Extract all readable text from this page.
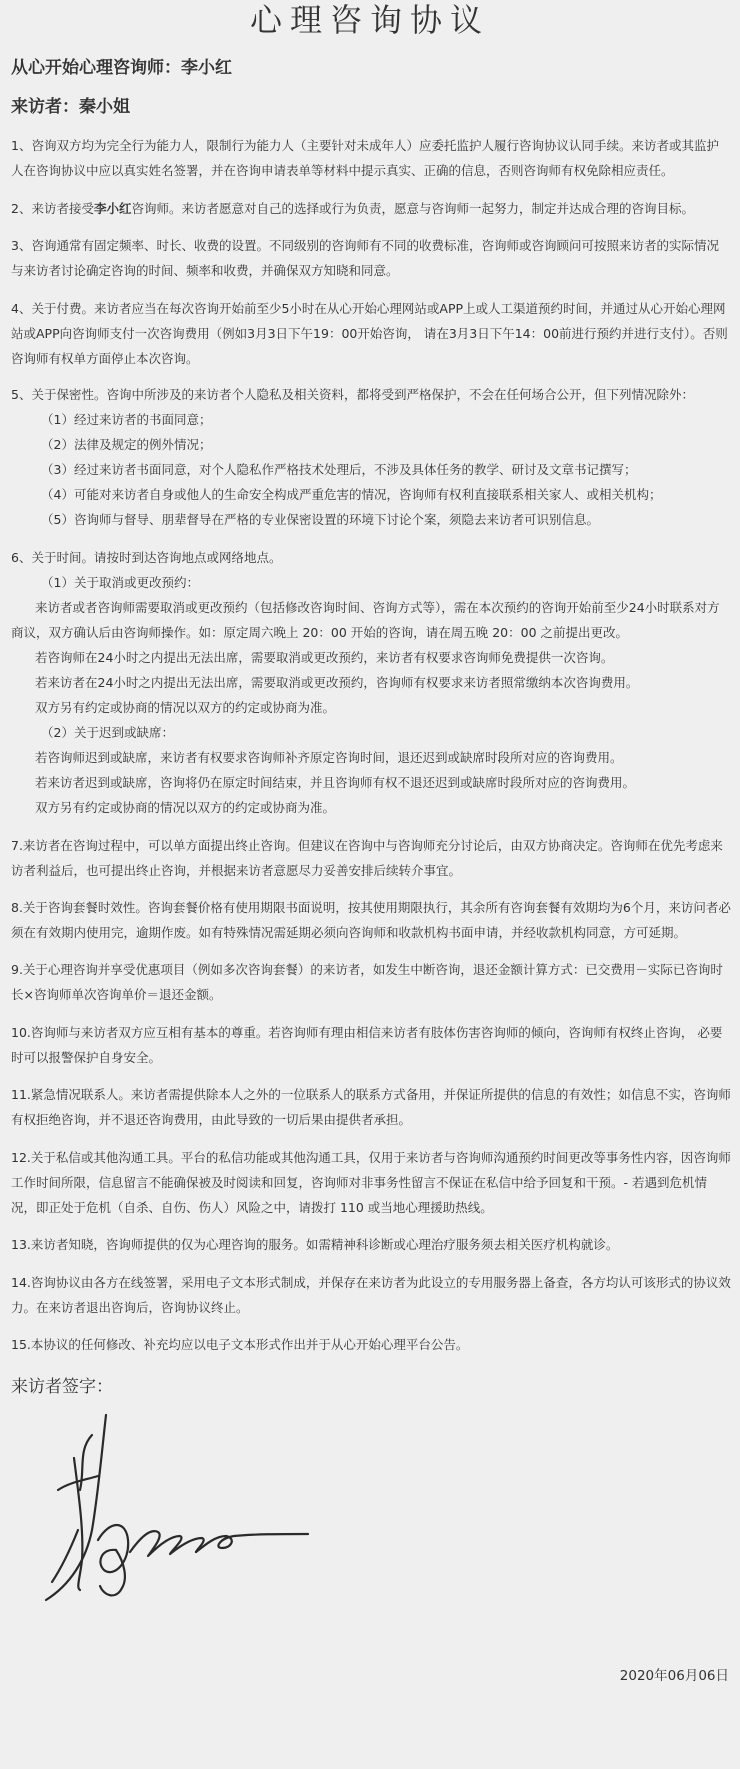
心理咨询协议
从心开始心理咨询师：李小红
来访者：秦小姐
1、咨询双方均为完全行为能力人，限制行为能力人（主要针对未成年人）应委托监护人履行咨询协议认同手续。来访者或其监护人在咨询协议中应以真实姓名签署，并在咨询申请表单等材料中提示真实、正确的信息，否则咨询师有权免除相应责任。
2、来访者接受李小红咨询师。来访者愿意对自己的选择或行为负责，愿意与咨询师一起努力，制定并达成合理的咨询目标。
3、咨询通常有固定频率、时长、收费的设置。不同级别的咨询师有不同的收费标准，咨询师或咨询顾问可按照来访者的实际情况与来访者讨论确定咨询的时间、频率和收费，并确保双方知晓和同意。
4、关于付费。来访者应当在每次咨询开始前至少5小时在从心开始心理网站或APP上或人工渠道预约时间，并通过从心开始心理网站或APP向咨询师支付一次咨询费用（例如3月3日下午19：00开始咨询， 请在3月3日下午14：00前进行预约并进行支付）。否则咨询师有权单方面停止本次咨询。
5、关于保密性。咨询中所涉及的来访者个人隐私及相关资料，都将受到严格保护，不会在任何场合公开，但下列情况除外：
（1）经过来访者的书面同意；
（2）法律及规定的例外情况；
（3）经过来访者书面同意，对个人隐私作严格技术处理后，不涉及具体任务的教学、研讨及文章书记撰写；
（4）可能对来访者自身或他人的生命安全构成严重危害的情况，咨询师有权利直接联系相关家人、或相关机构；
（5）咨询师与督导、朋辈督导在严格的专业保密设置的环境下讨论个案，须隐去来访者可识别信息。
6、关于时间。请按时到达咨询地点或网络地点。
（1）关于取消或更改预约：
来访者或者咨询师需要取消或更改预约（包括修改咨询时间、咨询方式等），需在本次预约的咨询开始前至少24小时联系对方商议，双方确认后由咨询师操作。如：原定周六晚上 20：00 开始的咨询，请在周五晚 20：00 之前提出更改。
若咨询师在24小时之内提出无法出席，需要取消或更改预约，来访者有权要求咨询师免费提供一次咨询。
若来访者在24小时之内提出无法出席，需要取消或更改预约，咨询师有权要求来访者照常缴纳本次咨询费用。
双方另有约定或协商的情况以双方的约定或协商为准。
（2）关于迟到或缺席：
若咨询师迟到或缺席，来访者有权要求咨询师补齐原定咨询时间，退还迟到或缺席时段所对应的咨询费用。
若来访者迟到或缺席，咨询将仍在原定时间结束，并且咨询师有权不退还迟到或缺席时段所对应的咨询费用。
双方另有约定或协商的情况以双方的约定或协商为准。
7.来访者在咨询过程中，可以单方面提出终止咨询。但建议在咨询中与咨询师充分讨论后，由双方协商决定。咨询师在优先考虑来访者利益后，也可提出终止咨询，并根据来访者意愿尽力妥善安排后续转介事宜。
8.关于咨询套餐时效性。咨询套餐价格有使用期限书面说明，按其使用期限执行，其余所有咨询套餐有效期均为6个月，来访问者必须在有效期内使用完，逾期作废。如有特殊情况需延期必须向咨询师和收款机构书面申请，并经收款机构同意，方可延期。
9.关于心理咨询并享受优惠项目（例如多次咨询套餐）的来访者，如发生中断咨询，退还金额计算方式：已交费用－实际已咨询时长×咨询师单次咨询单价＝退还金额。
10.咨询师与来访者双方应互相有基本的尊重。若咨询师有理由相信来访者有肢体伤害咨询师的倾向，咨询师有权终止咨询， 必要时可以报警保护自身安全。
11.紧急情况联系人。来访者需提供除本人之外的一位联系人的联系方式备用，并保证所提供的信息的有效性；如信息不实，咨询师有权拒绝咨询，并不退还咨询费用，由此导致的一切后果由提供者承担。
12.关于私信或其他沟通工具。平台的私信功能或其他沟通工具，仅用于来访者与咨询师沟通预约时间更改等事务性内容，因咨询师工作时间所限，信息留言不能确保被及时阅读和回复，咨询师对非事务性留言不保证在私信中给予回复和干预。- 若遇到危机情况，即正处于危机（自杀、自伤、伤人）风险之中，请拨打 110 或当地心理援助热线。
13.来访者知晓，咨询师提供的仅为心理咨询的服务。如需精神科诊断或心理治疗服务须去相关医疗机构就诊。
14.咨询协议由各方在线签署，采用电子文本形式制成，并保存在来访者为此设立的专用服务器上备查，各方均认可该形式的协议效力。在来访者退出咨询后，咨询协议终止。
15.本协议的任何修改、补充均应以电子文本形式作出并于从心开始心理平台公告。
来访者签字：
2020年06月06日
